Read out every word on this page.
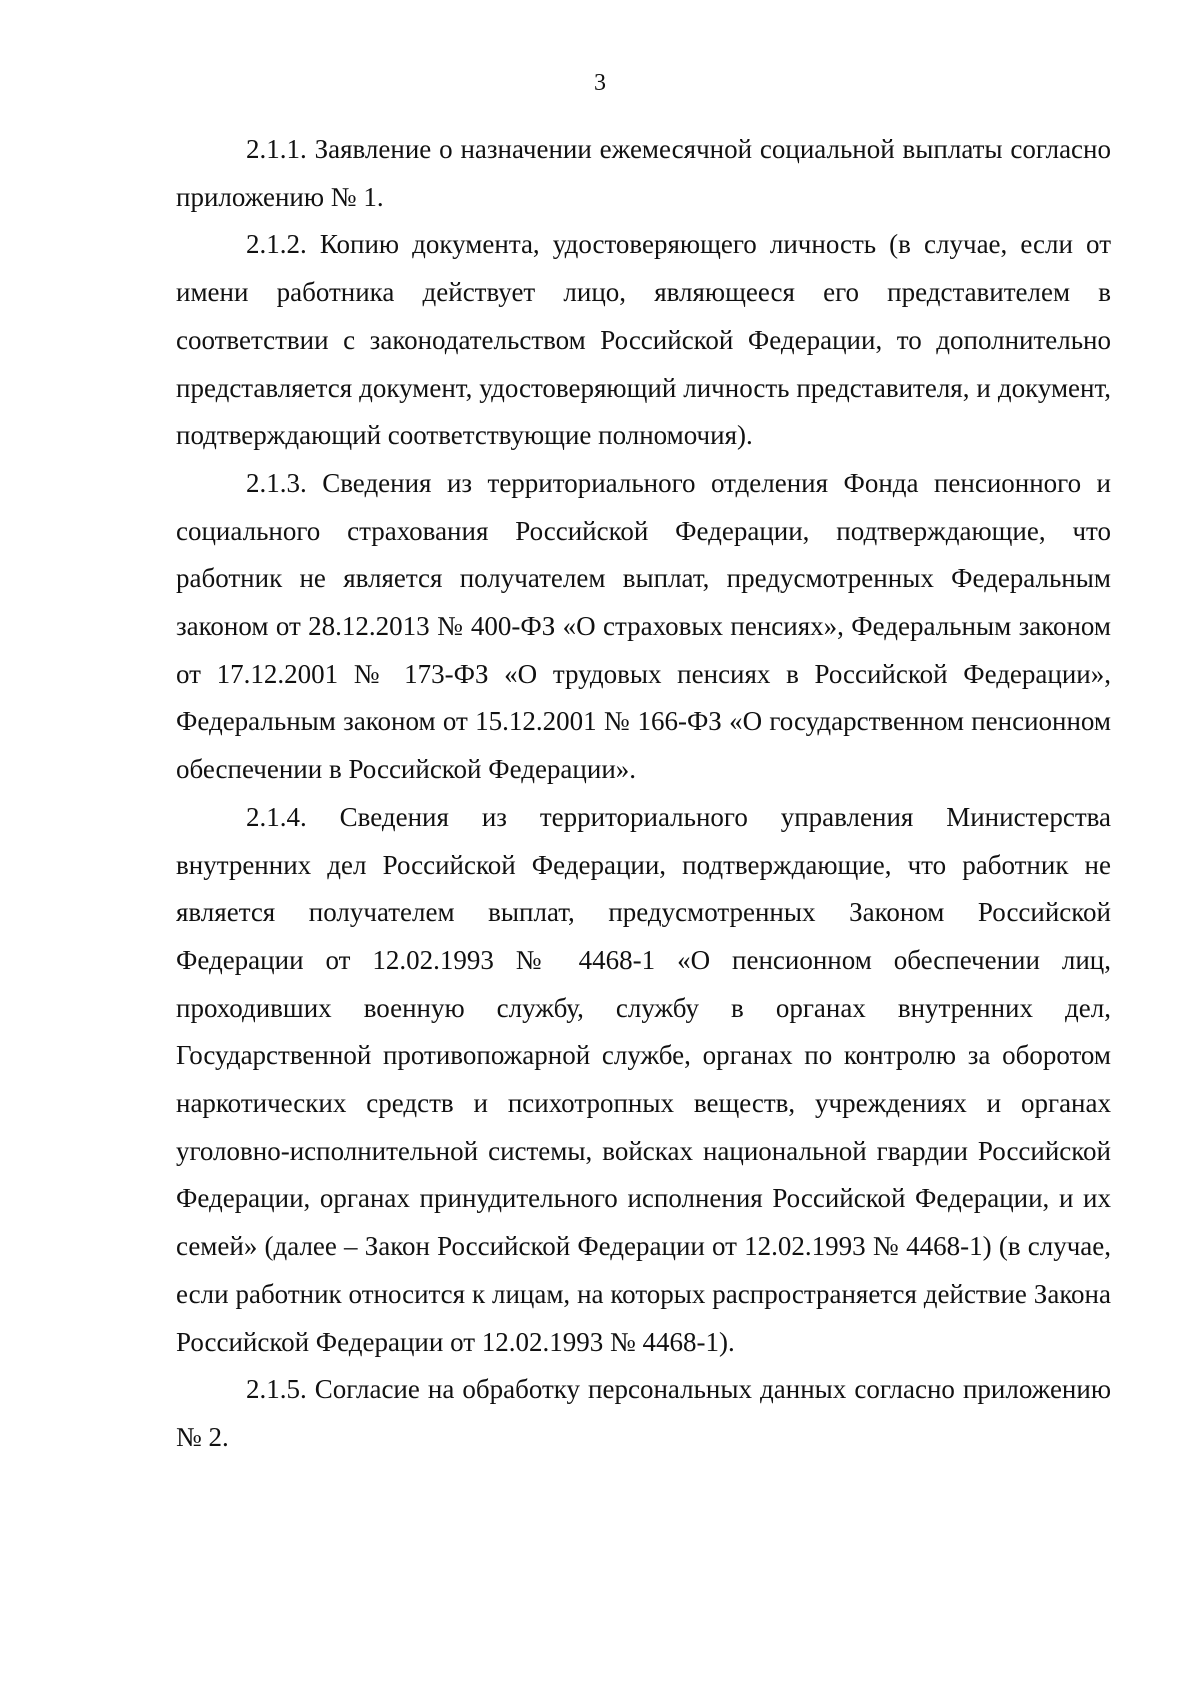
3

2.1.1. Заявление о назначении ежемесячной социальной выплаты согласно приложению № 1.

2.1.2. Копию документа, удостоверяющего личность (в случае, если от имени работника действует лицо, являющееся его представителем в соответствии с законодательством Российской Федерации, то дополнительно представляется документ, удостоверяющий личность представителя, и документ, подтверждающий соответствующие полномочия).

2.1.3. Сведения из территориального отделения Фонда пенсионного и социального страхования Российской Федерации, подтверждающие, что работник не является получателем выплат, предусмотренных Федеральным законом от 28.12.2013 № 400-ФЗ «О страховых пенсиях», Федеральным законом от 17.12.2001 № 173-ФЗ «О трудовых пенсиях в Российской Федерации», Федеральным законом от 15.12.2001 № 166-ФЗ «О государственном пенсионном обеспечении в Российской Федерации».

2.1.4. Сведения из территориального управления Министерства внутренних дел Российской Федерации, подтверждающие, что работник не является получателем выплат, предусмотренных Законом Российской Федерации от 12.02.1993 № 4468-1 «О пенсионном обеспечении лиц, проходивших военную службу, службу в органах внутренних дел, Государственной противопожарной службе, органах по контролю за оборотом наркотических средств и психотропных веществ, учреждениях и органах уголовно-исполнительной системы, войсках национальной гвардии Российской Федерации, органах принудительного исполнения Российской Федерации, и их семей» (далее – Закон Российской Федерации от 12.02.1993 № 4468-1) (в случае, если работник относится к лицам, на которых распространяется действие Закона Российской Федерации от 12.02.1993 № 4468-1).

2.1.5. Согласие на обработку персональных данных согласно приложению № 2.
